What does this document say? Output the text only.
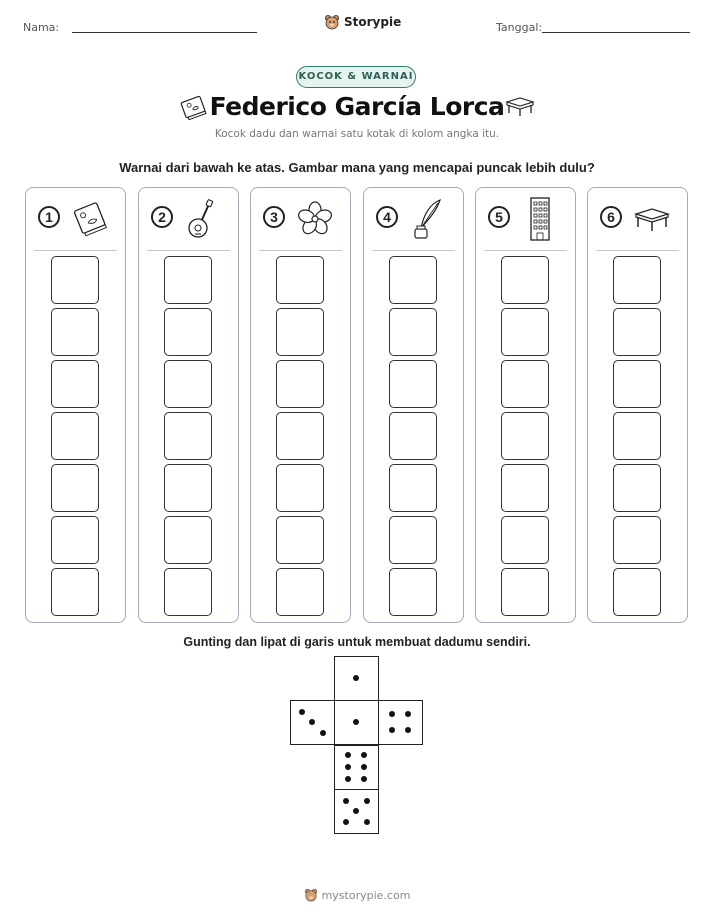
Nama:	Storypie	Tanggal:
KOCOK & WARNAI
Federico García Lorca
Kocok dadu dan warnai satu kotak di kolom angka itu.
Warnai dari bawah ke atas. Gambar mana yang mencapai puncak lebih dulu?
1	2	3	4	5	6
Gunting dan lipat di garis untuk membuat dadumu sendiri.
mystorypie.com
